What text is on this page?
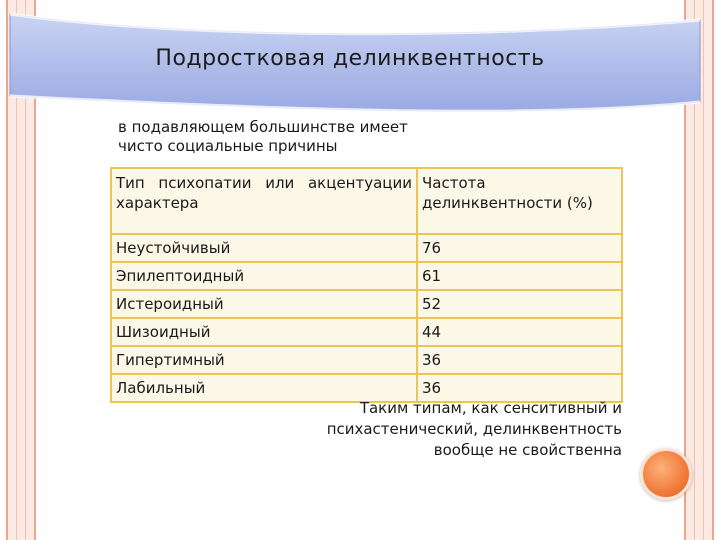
Подростковая делинквентность
в подавляющем большинстве имеет чисто социальные причины
Тип психопатии или акцентуации характера	Частота делинквентности (%)
Неустойчивый	76
Эпилептоидный	61
Истероидный	52
Шизоидный	44
Гипертимный	36
Лабильный	36
Таким типам, как сенситивный и психастенический, делинквентность вообще не свойственна
